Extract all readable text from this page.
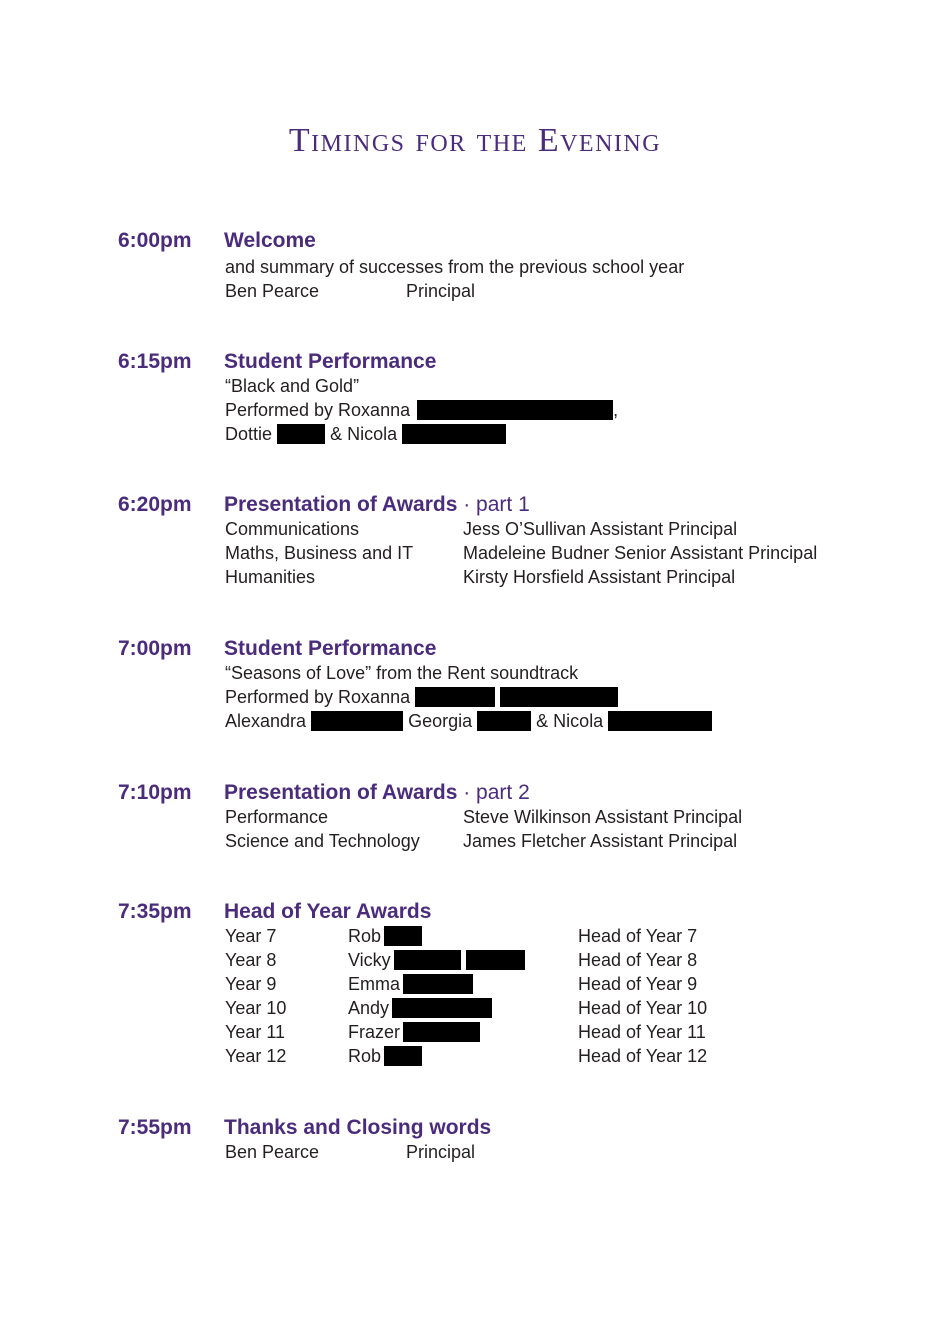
Timings for the Evening
6:00pm Welcome
and summary of successes from the previous school year
Ben Pearce	Principal
6:15pm Student Performance
“Black and Gold”
Performed by Roxanna	,
Dottie	& Nicola
6:20pm Presentation of Awards · part 1
Communications	Jess O’Sullivan Assistant Principal
Maths, Business and IT	Madeleine Budner Senior Assistant Principal
Humanities	Kirsty Horsfield Assistant Principal
7:00pm Student Performance
“Seasons of Love” from the Rent soundtrack
Performed by Roxanna
Alexandra	Georgia	& Nicola
7:10pm Presentation of Awards · part 2
Performance	Steve Wilkinson Assistant Principal
Science and Technology James Fletcher Assistant Principal
7:35pm Head of Year Awards
Year 7	Rob	Head of Year 7
Year 8	Vicky	Head of Year 8
Year 9	Emma	Head of Year 9
Year 10	Andy	Head of Year 10
Year 11	Frazer	Head of Year 11
Year 12	Rob	Head of Year 12
7:55pm Thanks and Closing words
Ben Pearce	Principal
